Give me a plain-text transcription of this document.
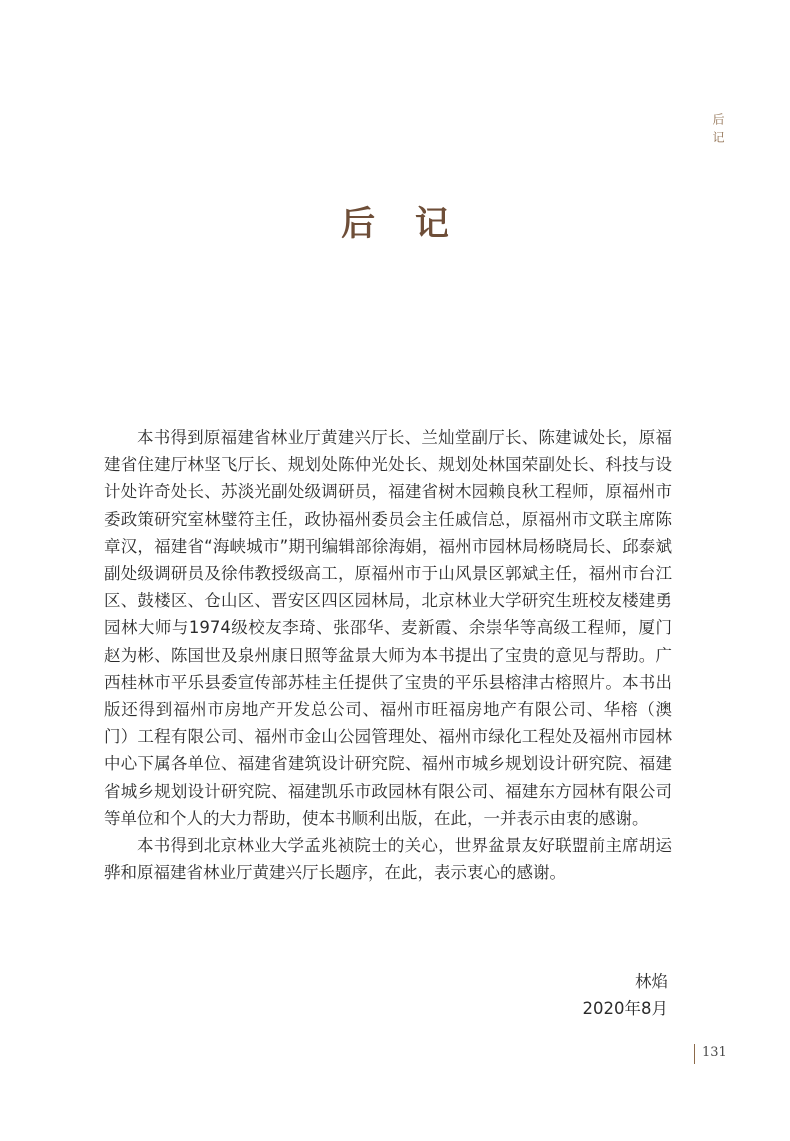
后记
后 记

本书得到原福建省林业厅黄建兴厅长、兰灿堂副厅长、陈建诚处长，原福建省住建厅林坚飞厅长、规划处陈仲光处长、规划处林国荣副处长、科技与设计处许奇处长、苏淡光副处级调研员，福建省树木园赖良秋工程师，原福州市委政策研究室林璧符主任，政协福州委员会主任戚信总，原福州市文联主席陈章汉，福建省“海峡城市”期刊编辑部徐海娟，福州市园林局杨晓局长、邱泰斌副处级调研员及徐伟教授级高工，原福州市于山风景区郭斌主任，福州市台江区、鼓楼区、仓山区、晋安区四区园林局，北京林业大学研究生班校友楼建勇园林大师与1974级校友李琦、张邵华、麦新霞、余崇华等高级工程师，厦门赵为彬、陈国世及泉州康日照等盆景大师为本书提出了宝贵的意见与帮助。广西桂林市平乐县委宣传部苏桂主任提供了宝贵的平乐县榕津古榕照片。本书出版还得到福州市房地产开发总公司、福州市旺福房地产有限公司、华榕（澳门）工程有限公司、福州市金山公园管理处、福州市绿化工程处及福州市园林中心下属各单位、福建省建筑设计研究院、福州市城乡规划设计研究院、福建省城乡规划设计研究院、福建凯乐市政园林有限公司、福建东方园林有限公司等单位和个人的大力帮助，使本书顺利出版，在此，一并表示由衷的感谢。

本书得到北京林业大学孟兆祯院士的关心，世界盆景友好联盟前主席胡运骅和原福建省林业厅黄建兴厅长题序，在此，表示衷心的感谢。

林焰
2020年8月
131
